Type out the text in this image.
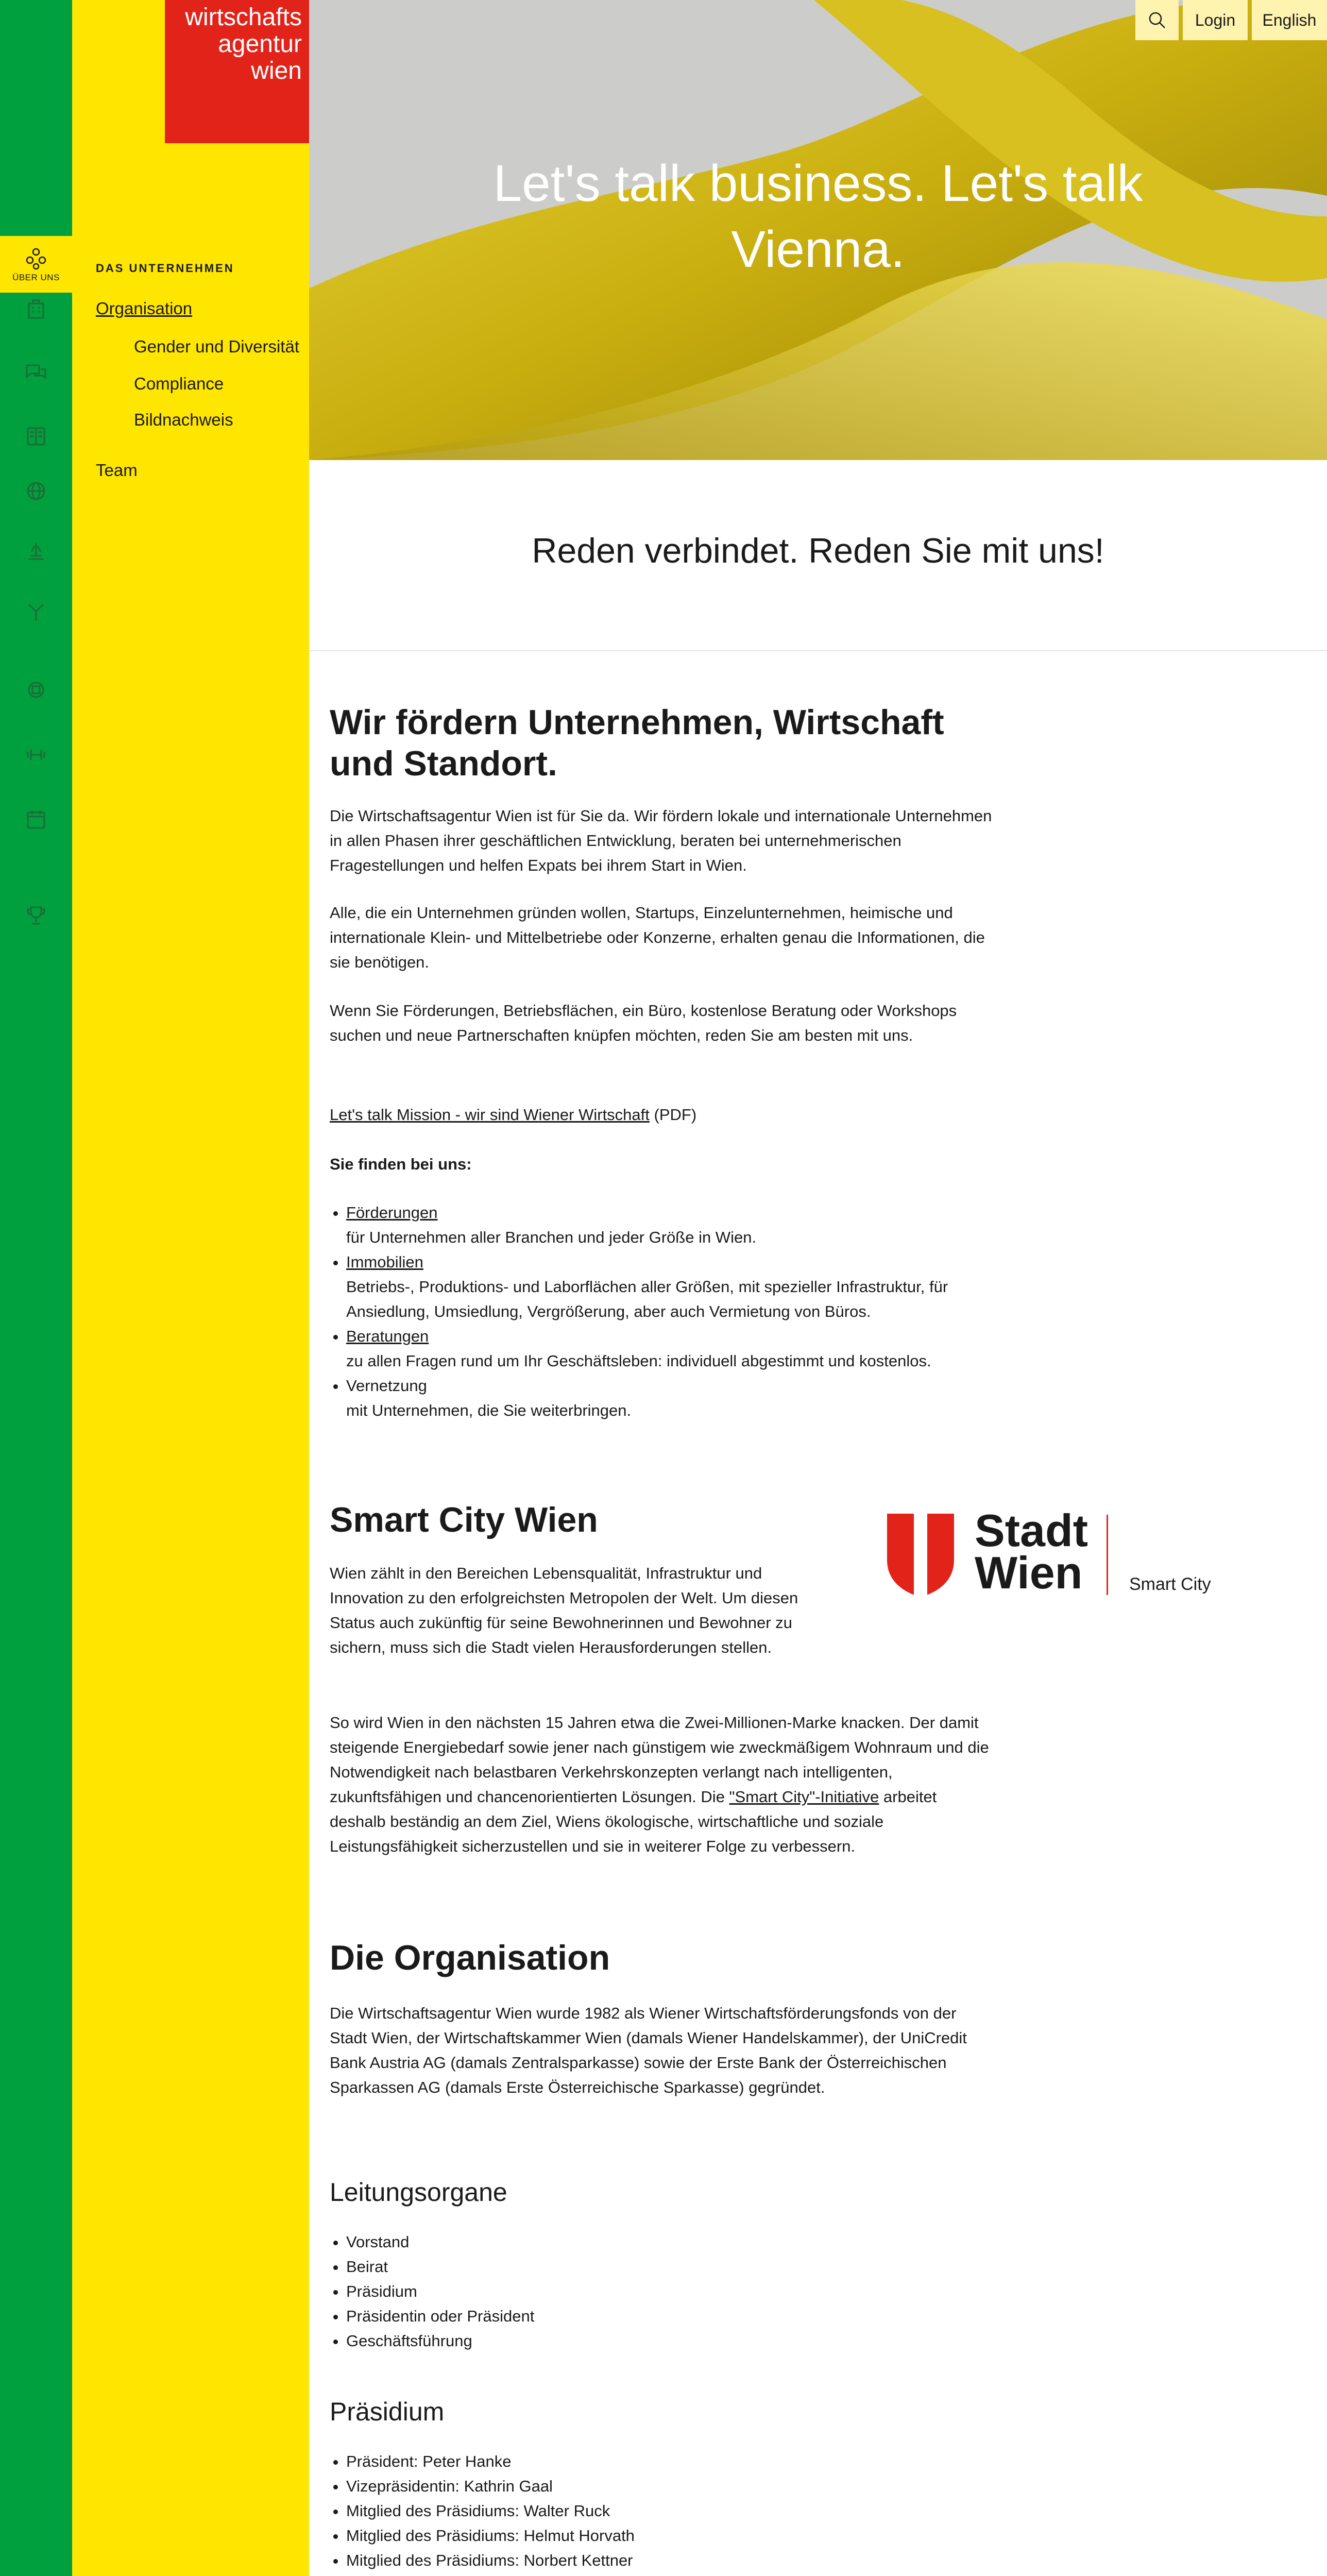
ÜBER UNS
wirtschafts
agentur
wien
DAS UNTERNEHMEN
Organisation
Gender und Diversität
Compliance
Bildnachweis
Team
Let's talk business. Let's talk Vienna.
Login	English
Reden verbindet. Reden Sie mit uns!
Wir fördern Unternehmen, Wirtschaft und Standort.

Die Wirtschaftsagentur Wien ist für Sie da. Wir fördern lokale und internationale Unternehmen in allen Phasen ihrer geschäftlichen Entwicklung, beraten bei unternehmerischen Fragestellungen und helfen Expats bei ihrem Start in Wien.

Alle, die ein Unternehmen gründen wollen, Startups, Einzelunternehmen, heimische und internationale Klein- und Mittelbetriebe oder Konzerne, erhalten genau die Informationen, die sie benötigen.

Wenn Sie Förderungen, Betriebsflächen, ein Büro, kostenlose Beratung oder Workshops suchen und neue Partnerschaften knüpfen möchten, reden Sie am besten mit uns.

Let's talk Mission - wir sind Wiener Wirtschaft (PDF)

Sie finden bei uns:

• Förderungen
für Unternehmen aller Branchen und jeder Größe in Wien.
• Immobilien
Betriebs-, Produktions- und Laborflächen aller Größen, mit spezieller Infrastruktur, für Ansiedlung, Umsiedlung, Vergrößerung, aber auch Vermietung von Büros.
• Beratungen
zu allen Fragen rund um Ihr Geschäftsleben: individuell abgestimmt und kostenlos.
• Vernetzung
mit Unternehmen, die Sie weiterbringen.
Smart City Wien

Wien zählt in den Bereichen Lebensqualität, Infrastruktur und Innovation zu den erfolgreichsten Metropolen der Welt. Um diesen Status auch zukünftig für seine Bewohnerinnen und Bewohner zu sichern, muss sich die Stadt vielen Herausforderungen stellen.

So wird Wien in den nächsten 15 Jahren etwa die Zwei-Millionen-Marke knacken. Der damit steigende Energiebedarf sowie jener nach günstigem wie zweckmäßigem Wohnraum und die Notwendigkeit nach belastbaren Verkehrskonzepten verlangt nach intelligenten, zukunftsfähigen und chancenorientierten Lösungen. Die "Smart City"-Initiative arbeitet deshalb beständig an dem Ziel, Wiens ökologische, wirtschaftliche und soziale Leistungsfähigkeit sicherzustellen und sie in weiterer Folge zu verbessern.

Stadt
Wien	Smart City
Die Organisation

Die Wirtschaftsagentur Wien wurde 1982 als Wiener Wirtschaftsförderungsfonds von der Stadt Wien, der Wirtschaftskammer Wien (damals Wiener Handelskammer), der UniCredit Bank Austria AG (damals Zentralsparkasse) sowie der Erste Bank der Österreichischen Sparkassen AG (damals Erste Österreichische Sparkasse) gegründet.

Leitungsorgane
• Vorstand
• Beirat
• Präsidium
• Präsidentin oder Präsident
• Geschäftsführung
Präsidium
• Präsident: Peter Hanke
• Vizepräsidentin: Kathrin Gaal
• Mitglied des Präsidiums: Walter Ruck
• Mitglied des Präsidiums: Helmut Horvath
• Mitglied des Präsidiums: Norbert Kettner
